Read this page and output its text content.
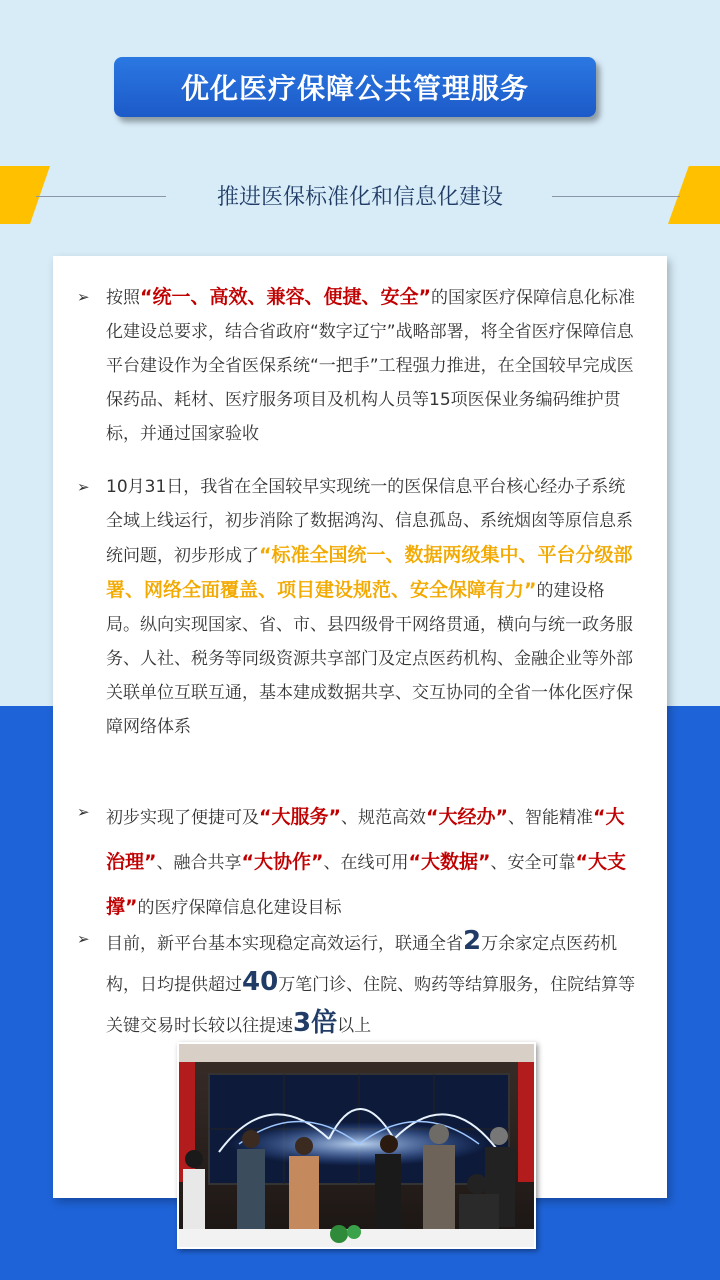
优化医疗保障公共管理服务
推进医保标准化和信息化建设
➢ 按照“统一、高效、兼容、便捷、安全”的国家医疗保障信息化标准化建设总要求，结合省政府“数字辽宁”战略部署，将全省医疗保障信息平台建设作为全省医保系统“一把手”工程强力推进，在全国较早完成医保药品、耗材、医疗服务项目及机构人员等15项医保业务编码维护贯标，并通过国家验收
➢ 10月31日，我省在全国较早实现统一的医保信息平台核心经办子系统全域上线运行，初步消除了数据鸿沟、信息孤岛、系统烟囱等原信息系统问题，初步形成了“标准全国统一、数据两级集中、平台分级部署、网络全面覆盖、项目建设规范、安全保障有力”的建设格局。纵向实现国家、省、市、县四级骨干网络贯通，横向与统一政务服务、人社、税务等同级资源共享部门及定点医药机构、金融企业等外部关联单位互联互通，基本建成数据共享、交互协同的全省一体化医疗保障网络体系
➢ 初步实现了便捷可及“大服务”、规范高效“大经办”、智能精准“大治理”、融合共享“大协作”、在线可用“大数据”、安全可靠“大支撑”的医疗保障信息化建设目标
➢ 目前，新平台基本实现稳定高效运行，联通全省2万余家定点医药机构，日均提供超过40万笔门诊、住院、购药等结算服务，住院结算等关键交易时长较以往提速3倍以上
